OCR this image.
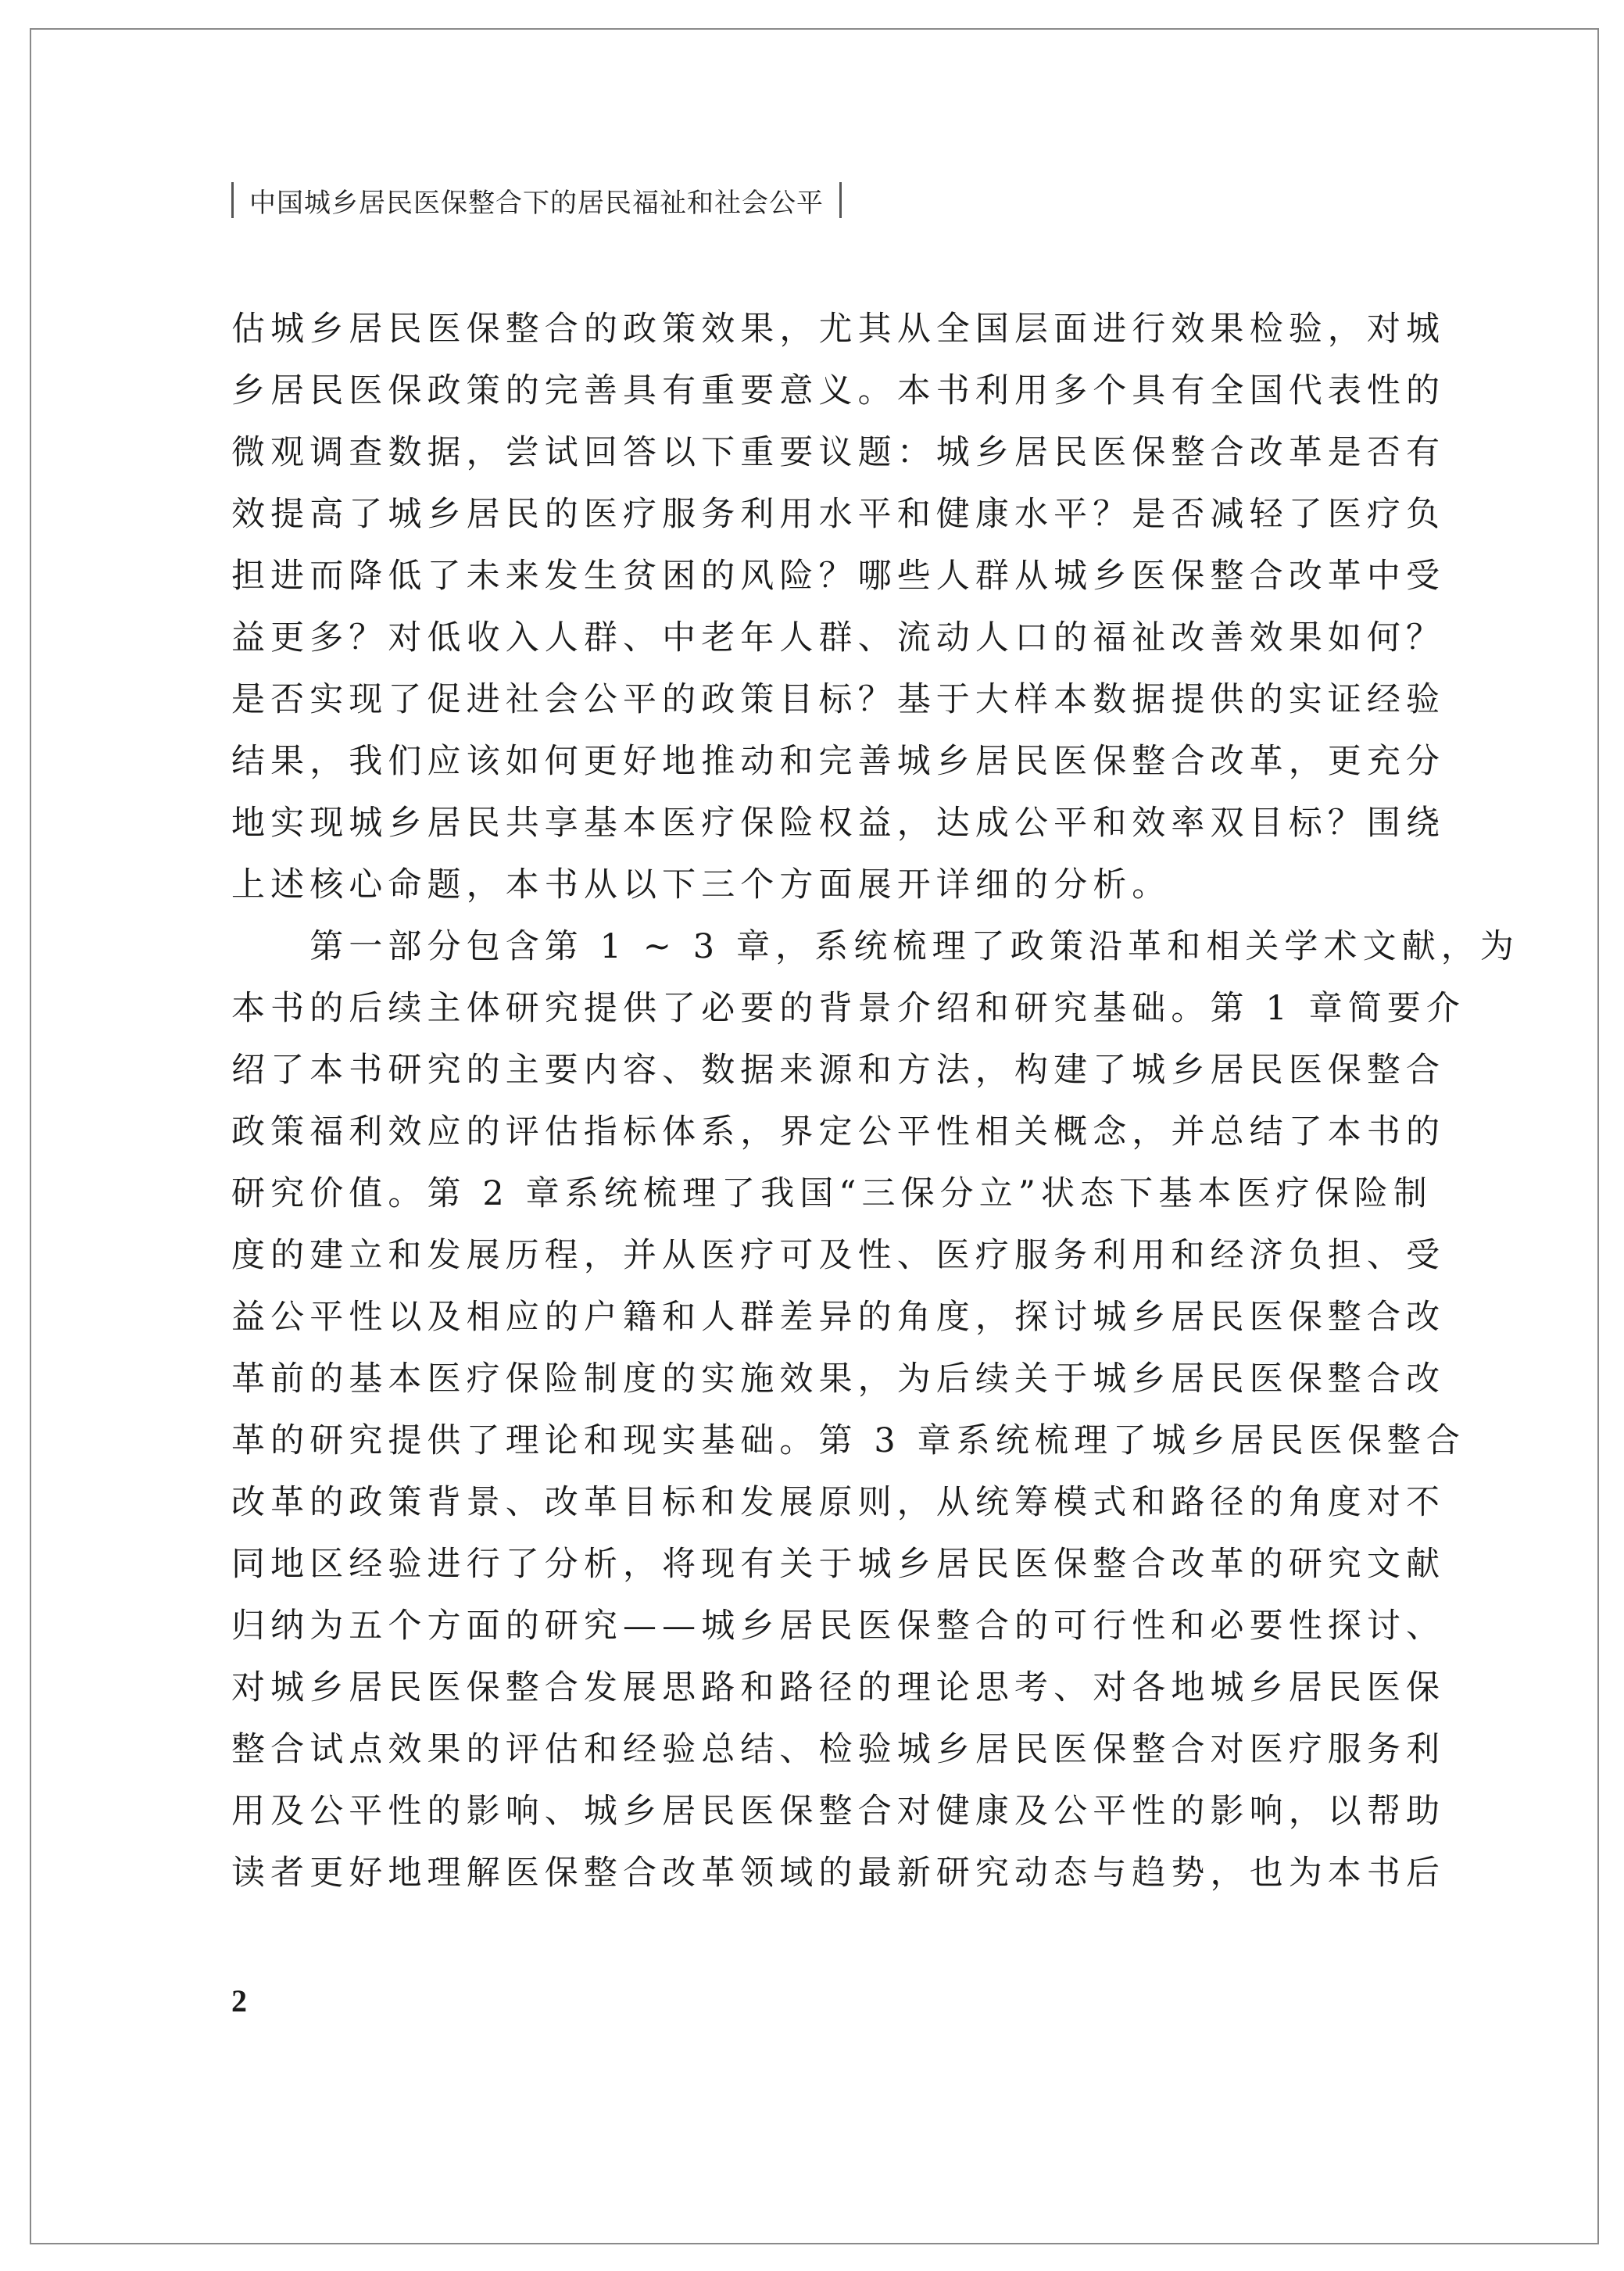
中国城乡居民医保整合下的居民福祉和社会公平
估城乡居民医保整合的政策效果，尤其从全国层面进行效果检验，对城
乡居民医保政策的完善具有重要意义。本书利用多个具有全国代表性的
微观调查数据，尝试回答以下重要议题：城乡居民医保整合改革是否有
效提高了城乡居民的医疗服务利用水平和健康水平？是否减轻了医疗负
担进而降低了未来发生贫困的风险？哪些人群从城乡医保整合改革中受
益更多？对低收入人群、中老年人群、流动人口的福祉改善效果如何？
是否实现了促进社会公平的政策目标？基于大样本数据提供的实证经验
结果，我们应该如何更好地推动和完善城乡居民医保整合改革，更充分
地实现城乡居民共享基本医疗保险权益，达成公平和效率双目标？围绕
上述核心命题，本书从以下三个方面展开详细的分析。
　　第一部分包含第 1 ~ 3 章，系统梳理了政策沿革和相关学术文献，为
本书的后续主体研究提供了必要的背景介绍和研究基础。第 1 章简要介
绍了本书研究的主要内容、数据来源和方法，构建了城乡居民医保整合
政策福利效应的评估指标体系，界定公平性相关概念，并总结了本书的
研究价值。第 2 章系统梳理了我国“三保分立”状态下基本医疗保险制
度的建立和发展历程，并从医疗可及性、医疗服务利用和经济负担、受
益公平性以及相应的户籍和人群差异的角度，探讨城乡居民医保整合改
革前的基本医疗保险制度的实施效果，为后续关于城乡居民医保整合改
革的研究提供了理论和现实基础。第 3 章系统梳理了城乡居民医保整合
改革的政策背景、改革目标和发展原则，从统筹模式和路径的角度对不
同地区经验进行了分析，将现有关于城乡居民医保整合改革的研究文献
归纳为五个方面的研究——城乡居民医保整合的可行性和必要性探讨、
对城乡居民医保整合发展思路和路径的理论思考、对各地城乡居民医保
整合试点效果的评估和经验总结、检验城乡居民医保整合对医疗服务利
用及公平性的影响、城乡居民医保整合对健康及公平性的影响，以帮助
读者更好地理解医保整合改革领域的最新研究动态与趋势，也为本书后
2
